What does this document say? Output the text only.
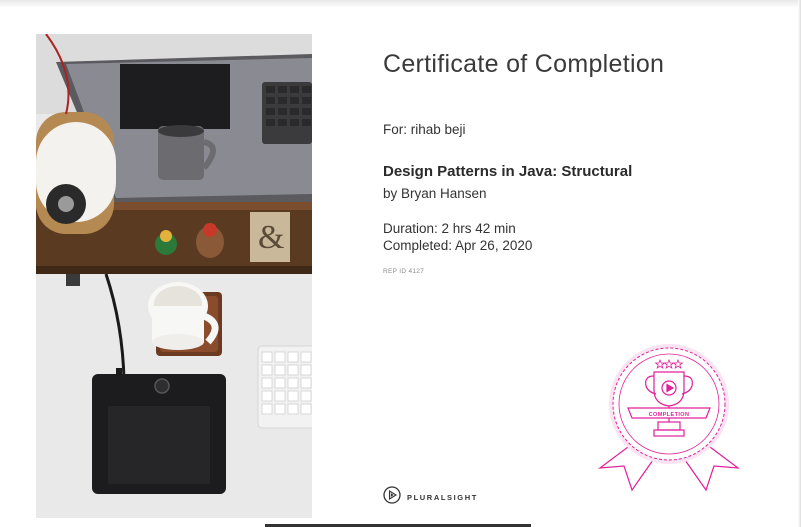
&
Certificate of Completion
For: rihab beji
Design Patterns in Java: Structural
by Bryan Hansen
Duration: 2 hrs 42 min
Completed: Apr 26, 2020
REP ID 4127
PLURALSIGHT
COMPLETION
